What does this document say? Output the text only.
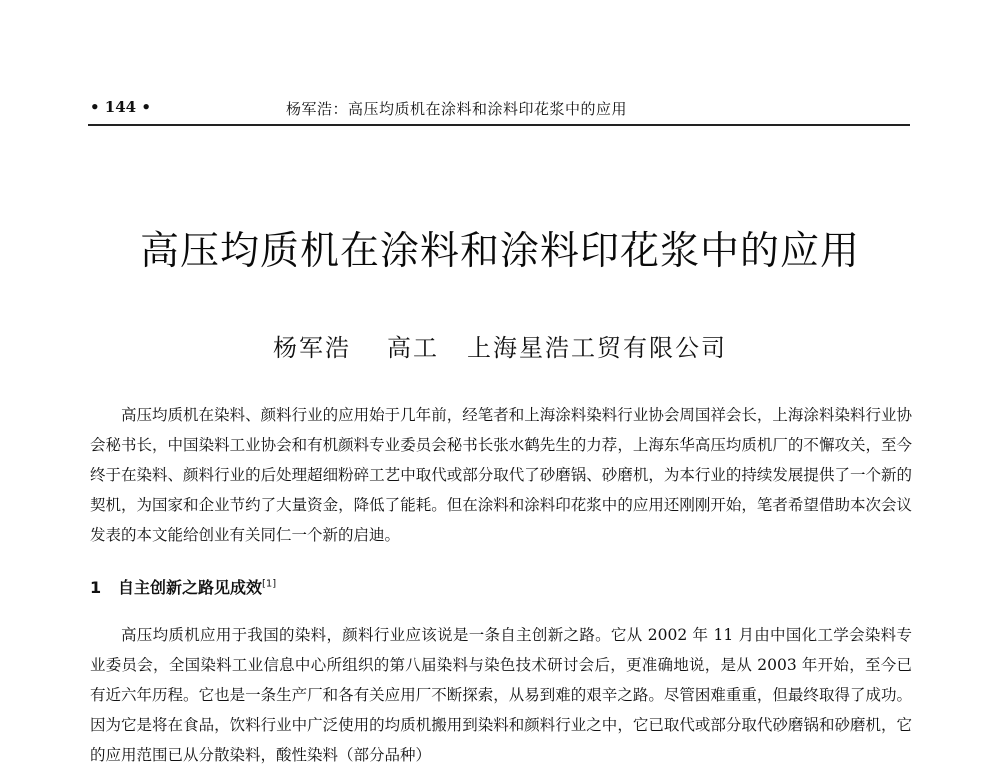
• 144 •	杨军浩：高压均质机在涂料和涂料印花浆中的应用
高压均质机在涂料和涂料印花浆中的应用
杨军浩 高工 上海星浩工贸有限公司

高压均质机在染料、颜料行业的应用始于几年前，经笔者和上海涂料染料行业协会周国祥会长，上海涂料染料行业协会秘书长，中国染料工业协会和有机颜料专业委员会秘书长张水鹤先生的力荐，上海东华高压均质机厂的不懈攻关，至今终于在染料、颜料行业的后处理超细粉碎工艺中取代或部分取代了砂磨锅、砂磨机，为本行业的持续发展提供了一个新的契机，为国家和企业节约了大量资金，降低了能耗。但在涂料和涂料印花浆中的应用还刚刚开始，笔者希望借助本次会议发表的本文能给创业有关同仁一个新的启迪。

1 自主创新之路见成效[1]

高压均质机应用于我国的染料，颜料行业应该说是一条自主创新之路。它从 2002 年 11 月由中国化工学会染料专业委员会，全国染料工业信息中心所组织的第八届染料与染色技术研讨会后，更准确地说，是从 2003 年开始，至今已有近六年历程。它也是一条生产厂和各有关应用厂不断探索，从易到难的艰辛之路。尽管困难重重，但最终取得了成功。因为它是将在食品，饮料行业中广泛使用的均质机搬用到染料和颜料行业之中，它已取代或部分取代砂磨锅和砂磨机，它的应用范围已从分散染料，酸性染料（部分品种）
